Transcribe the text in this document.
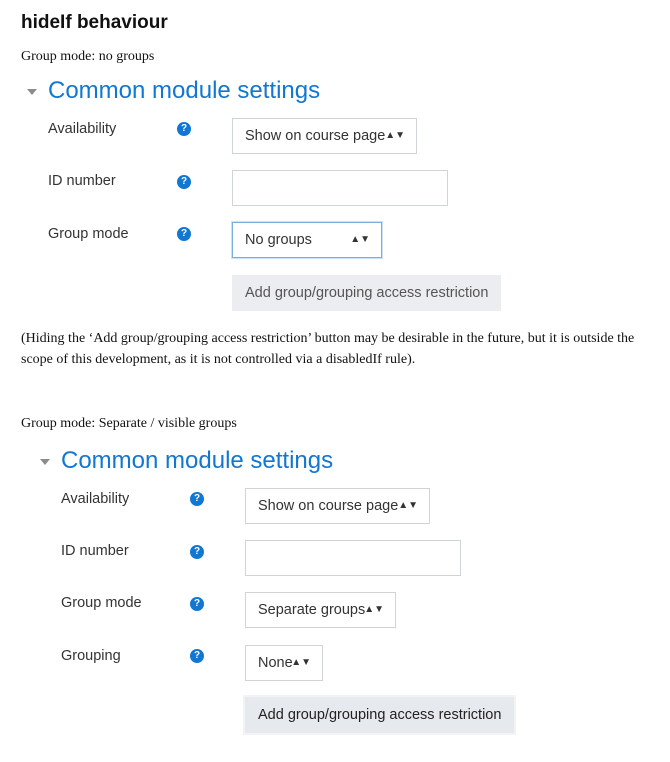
hideIf behaviour
Group mode: no groups
Common module settings
Availability	?	Show on course page ▲▼
ID number	?
Group mode	?	No groups	▲▼
Add group/grouping access restriction
(Hiding the ‘Add group/grouping access restriction’ button may be desirable in the future, but it is outside the scope of this development, as it is not controlled via a disabledIf rule).
Group mode: Separate / visible groups
Common module settings
Availability	?	Show on course page ▲▼
ID number	?
Group mode	?	Separate groups
▲▼
Grouping	?	None
▲▼
Add group/grouping access restriction
